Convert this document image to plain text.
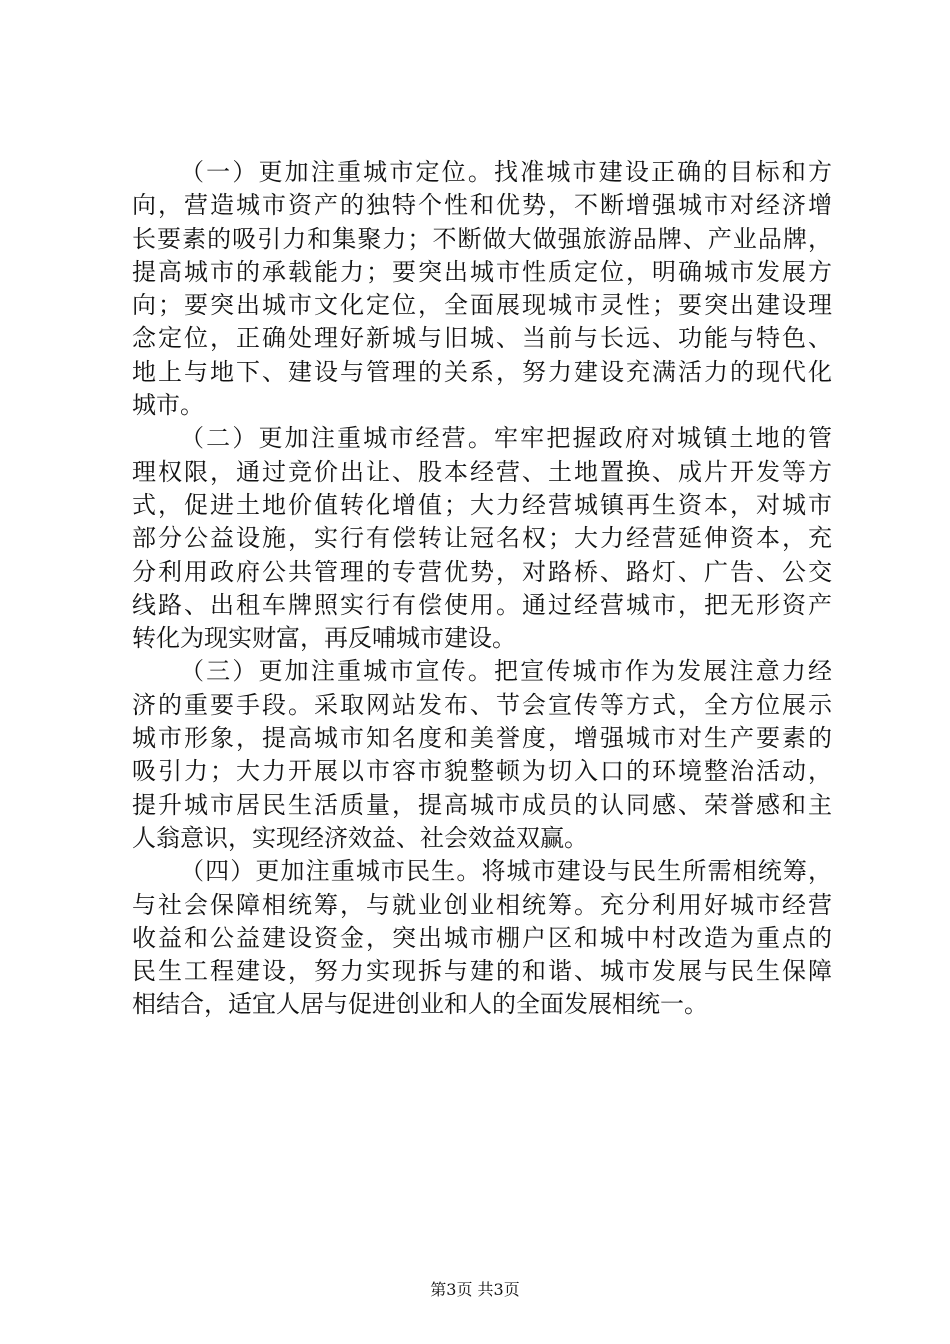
（一）更加注重城市定位。找准城市建设正确的目标和方
向，营造城市资产的独特个性和优势，不断增强城市对经济增
长要素的吸引力和集聚力；不断做大做强旅游品牌、产业品牌，
提高城市的承载能力；要突出城市性质定位，明确城市发展方
向；要突出城市文化定位，全面展现城市灵性；要突出建设理
念定位，正确处理好新城与旧城、当前与长远、功能与特色、
地上与地下、建设与管理的关系，努力建设充满活力的现代化
城市。
（二）更加注重城市经营。牢牢把握政府对城镇土地的管
理权限，通过竞价出让、股本经营、土地置换、成片开发等方
式，促进土地价值转化增值；大力经营城镇再生资本，对城市
部分公益设施，实行有偿转让冠名权；大力经营延伸资本，充
分利用政府公共管理的专营优势，对路桥、路灯、广告、公交
线路、出租车牌照实行有偿使用。通过经营城市，把无形资产
转化为现实财富，再反哺城市建设。
（三）更加注重城市宣传。把宣传城市作为发展注意力经
济的重要手段。采取网站发布、节会宣传等方式，全方位展示
城市形象，提高城市知名度和美誉度，增强城市对生产要素的
吸引力；大力开展以市容市貌整顿为切入口的环境整治活动，
提升城市居民生活质量，提高城市成员的认同感、荣誉感和主
人翁意识，实现经济效益、社会效益双赢。
（四）更加注重城市民生。将城市建设与民生所需相统筹，
与社会保障相统筹，与就业创业相统筹。充分利用好城市经营
收益和公益建设资金，突出城市棚户区和城中村改造为重点的
民生工程建设，努力实现拆与建的和谐、城市发展与民生保障
相结合，适宜人居与促进创业和人的全面发展相统一。
第3页 共3页
